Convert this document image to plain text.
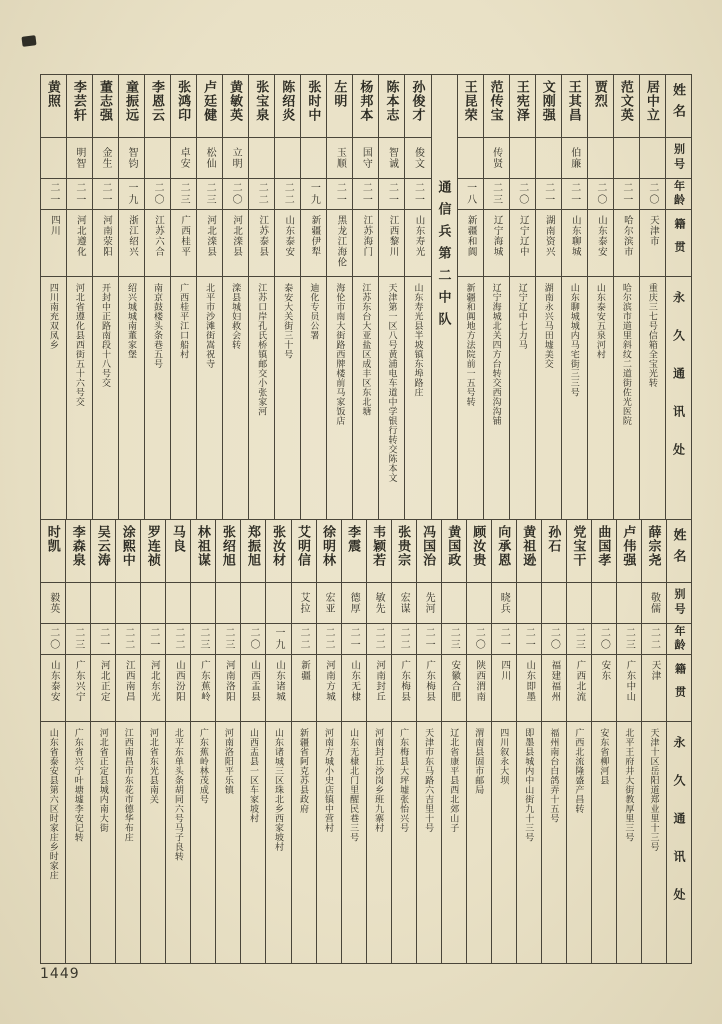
姓名
别号
年龄
籍贯
永久通讯处
居中立
二〇
天津市
重庆三七号信箱全宝光转
范文英
二一
哈尔滨市
哈尔滨市道里斜纹二道街佐光医院
贾烈
二〇
山东泰安
山东泰安五泉河村
王其昌
伯廉
二一
山东聊城
山东聊城城内马宅街三三号
文刚强
二一
湖南资兴
湖南永兴马田墟美交
王宪泽
二〇
辽宁辽中
辽宁辽中七力马
范传宝
传贤
二三
辽宁海城
辽宁海城北关四方台转交西沟沟铺
王昆荣
一八
新疆和阗
新疆和阗地方法院前一五号转
通信兵第二中队
孙俊才
俊文
二一
山东寿光
山东寿光县半坡镇东埠路庄
陈本志
智诚
二一
江西黎川
天津第一区八号黄浦电车道中学银行转交陈本文
杨邦本
国守
二一
江苏海门
江苏东台大亚盐区成丰区东北塘
左明
玉顺
二一
黑龙江海伦
海伦市南大街路西牌楼前马家饭店
张时中
一九
新疆伊犁
迪化专员公署
陈绍炎
二二
山东泰安
泰安大关街三十号
张宝泉
二二
江苏泰县
江苏口岸孔氏桥镇邮交小张家河
黄敏英
立明
二〇
河北滦县
滦县城妇救会转
卢廷健
松仙
二三
河北滦县
北平市沙滩街嵩祝寺
张鸿印
卓安
二三
广西桂平
广西桂平江口船村
李恩云
二〇
江苏六合
南京鼓楼头条巷五号
童振远
智钧
一九
浙江绍兴
绍兴城城南董家堡
董志强
金生
二一
河南荥阳
开封中正路南段十八号交
李芸轩
明智
二一
河北遵化
河北省遵化县西街五十六号交
黄照
二一
四川
四川南充双凤乡
姓名
别号
年龄
籍贯
永久通讯处
薛宗尧
敬儒
二二
天津
天津十区岳阳道郑业里十三号
卢伟强
二三
广东中山
北平王府井大街教厚里三号
曲国孝
二〇
安东
安东省柳河县
党宝干
二三
广西北流
广西北流隆盛产昌转
孙石
二〇
福建福州
福州南台白鸽弄十五号
黄祖逊
二一
山东即墨
即墨县城内中山街九十三号
向承恩
晓兵
二一
四川
四川叙永大坝
顾汝贵
二〇
陕西渭南
渭南县固市邮局
黄国政
二三
安徽合肥
辽北省康平县西北郊山子
冯国治
先河
二一
广东梅县
天津市东马路六吉里十号
张贵宗
宏谋
二二
广东梅县
广东梅县大坪墟张怡兴号
韦颖若
敏先
二二
河南封丘
河南封丘沙岗乡班九寨村
李震
德厚
二一
山东无棣
山东无棣北门里醒民巷三号
徐明林
宏亚
二二
河南方城
河南方城小史店镇中营村
艾明信
艾拉
二二
新疆
新疆省阿克苏县政府
张汝材
一九
山东诸城
山东诸城三区珠北乡西家坡村
郑振旭
二〇
山西盂县
山西盂县一区车家坡村
张绍旭
二三
河南洛阳
河南洛阳平乐镇
林祖谋
二三
广东蕉岭
广东蕉岭林茂成号
马良
二二
山西汾阳
北平东单头条胡同六号马子良转
罗连祯
二一
河北东光
河北省东光县南关
涂熙中
二二
江西南昌
江西南昌市东花市德华布庄
吴云涛
二一
河北正定
河北省正定县城内南大街
李森泉
二三
广东兴宁
广东省兴宁叶塘墟李安记转
时凯
毅英
二〇
山东泰安
山东省泰安县第六区时家庄乡时家庄
1449
